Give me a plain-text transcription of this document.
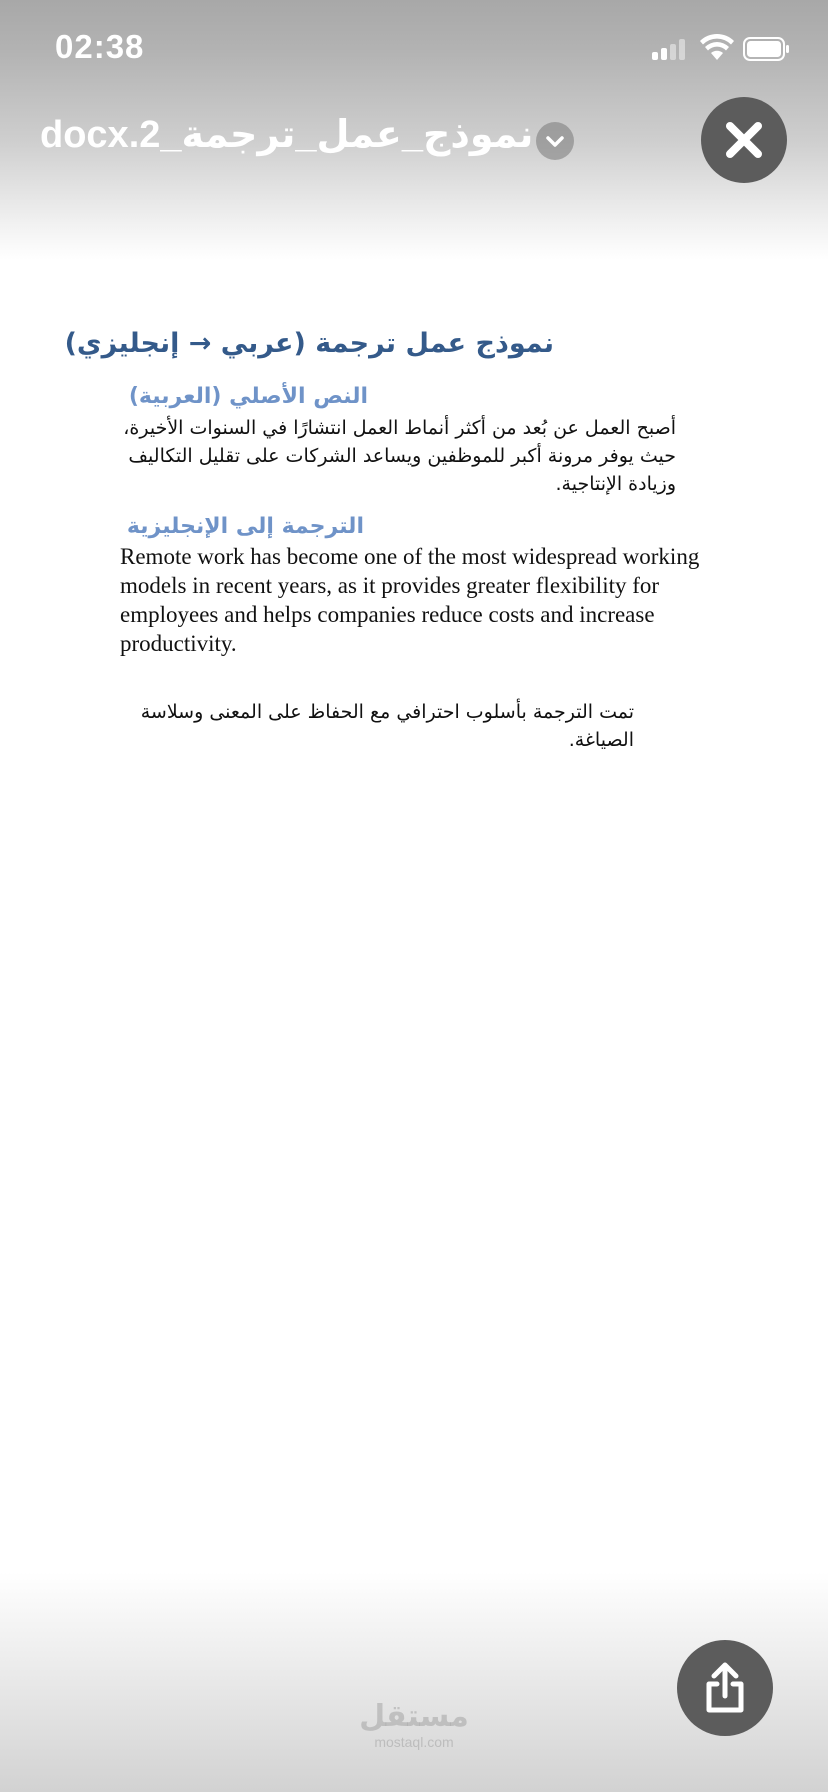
02:38
docx.2_نموذج_عمل_ترجمة
نموذج عمل ترجمة (عربي → إنجليزي)
النص الأصلي (العربية)
أصبح العمل عن بُعد من أكثر أنماط العمل انتشارًا في السنوات الأخيرة، حيث يوفر مرونة أكبر للموظفين ويساعد الشركات على تقليل التكاليف وزيادة الإنتاجية.
الترجمة إلى الإنجليزية
Remote work has become one of the most widespread working models in recent years, as it provides greater flexibility for employees and helps companies reduce costs and increase productivity.
تمت الترجمة بأسلوب احترافي مع الحفاظ على المعنى وسلاسة الصياغة.
مستقل
mostaql.com
